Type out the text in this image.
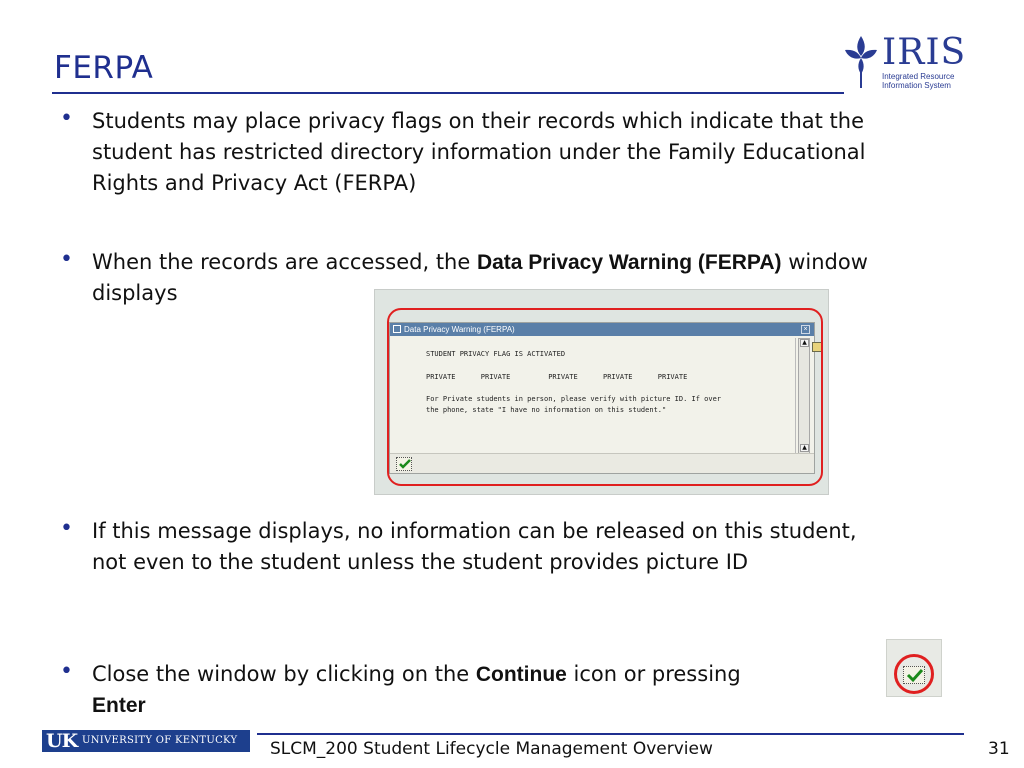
FERPA	IRIS
Integrated Resource
Information System
• Students may place privacy flags on their records which indicate that the student has restricted directory information under the Family Educational Rights and Privacy Act (FERPA)
• When the records are accessed, the Data Privacy Warning (FERPA) window displays
Data Privacy Warning (FERPA)	×
STUDENT PRIVACY FLAG IS ACTIVATED
PRIVATE      PRIVATE         PRIVATE      PRIVATE      PRIVATE
For Private students in person, please verify with picture ID. If over
the phone, state "I have no information on this student."
▲
▲
• If this message displays, no information can be released on this student, not even to the student unless the student provides picture ID
• Close the window by clicking on the Continue icon or pressing
Enter
UK UNIVERSITY OF KENTUCKY SLCM_200 Student Lifecycle Management Overview	31
